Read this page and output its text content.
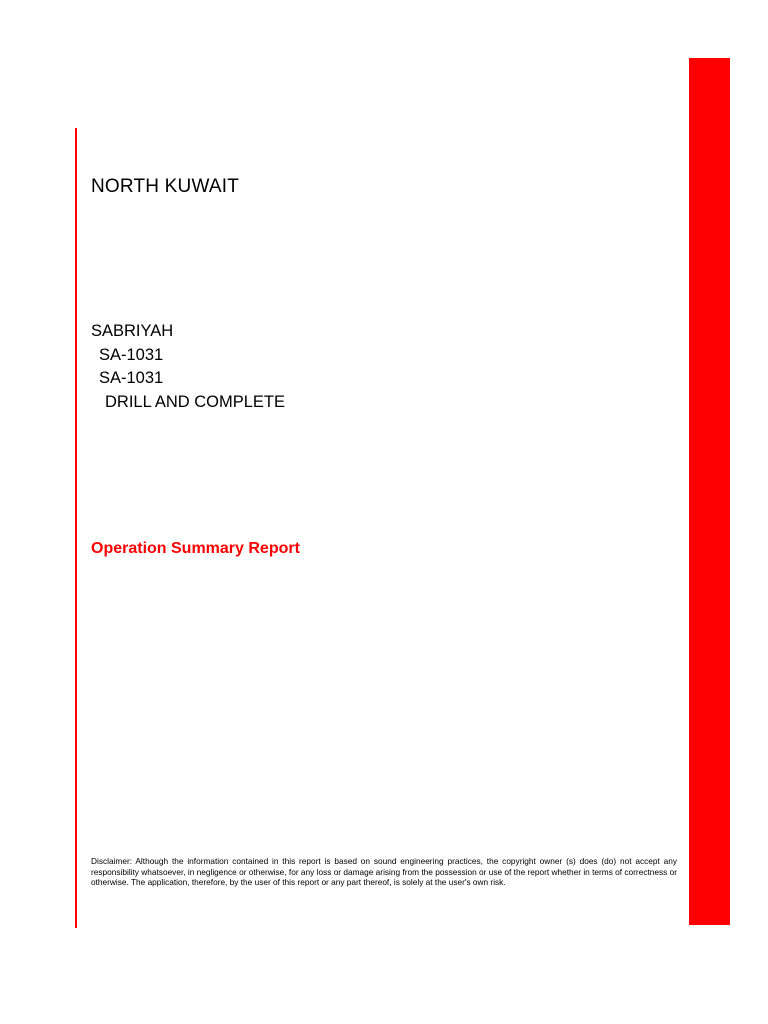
NORTH KUWAIT
SABRIYAH
SA-1031
SA-1031
DRILL AND COMPLETE
Operation Summary Report
Disclaimer: Although the information contained in this report is based on sound engineering practices, the copyright owner (s) does (do) not accept any responsibility whatsoever, in negligence or otherwise, for any loss or damage arising from the possession or use of the report whether in terms of correctness or otherwise. The application, therefore, by the user of this report or any part thereof, is solely at the user's own risk.
